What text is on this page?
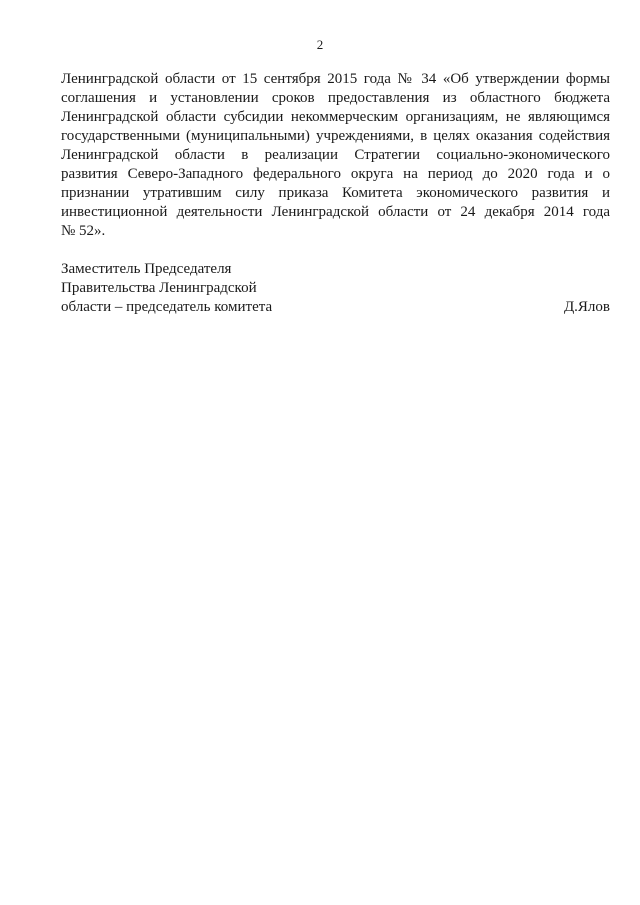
2
Ленинградской области от 15 сентября 2015 года № 34 «Об утверждении формы
соглашения и установлении сроков предоставления из областного бюджета
Ленинградской области субсидии некоммерческим организациям, не являющимся
государственными (муниципальными) учреждениями, в целях оказания содействия
Ленинградской области в реализации Стратегии социально-экономического
развития Северо-Западного федерального округа на период до 2020 года и о
признании утратившим силу приказа Комитета экономического развития и
инвестиционной деятельности Ленинградской области от 24 декабря 2014 года
№ 52».
Заместитель Председателя
Правительства Ленинградской
области – председатель комитета	Д.Ялов
